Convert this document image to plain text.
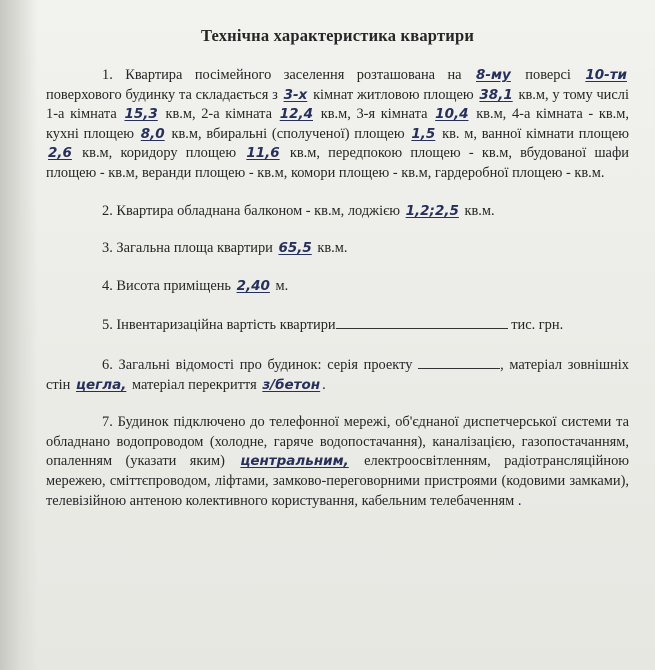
Технічна характеристика квартири

1. Квартира посімейного заселення розташована на 8-му поверсі 10-ти поверхового будинку та складається з 3-х кімнат житловою площею 38,1 кв.м, у тому числі 1-а кімната 15,3 кв.м, 2-а кімната 12,4 кв.м, 3-я кімната 10,4 кв.м, 4-а кімната - кв.м, кухні площею 8,0 кв.м, вбиральні (сполученої) площею 1,5 кв. м, ванної кімнати площею 2,6 кв.м, коридору площею 11,6 кв.м, передпокою площею - кв.м, вбудованої шафи площею - кв.м, веранди площею - кв.м, комори площею - кв.м, гардеробної площею - кв.м.

2. Квартира обладнана балконом - кв.м, лоджією 1,2;2,5 кв.м.

3. Загальна площа квартири 65,5 кв.м.

4. Висота приміщень 2,40 м.

5. Інвентаризаційна вартість квартири	тис. грн.

6. Загальні відомості про будинок: серія проекту	, матеріал зовнішніх стін цегла, матеріал перекриття з/бетон .

7. Будинок підключено до телефонної мережі, об'єднаної диспетчерської системи та обладнано водопроводом (холодне, гаряче водопостачання), каналізацією, газопостачанням, опаленням (указати яким) центральним, електроосвітленням, радіотрансляційною мережею, сміттєпроводом, ліфтами, замково-переговорними пристроями (кодовими замками), телевізійною антеною колективного користування, кабельним телебаченням .
